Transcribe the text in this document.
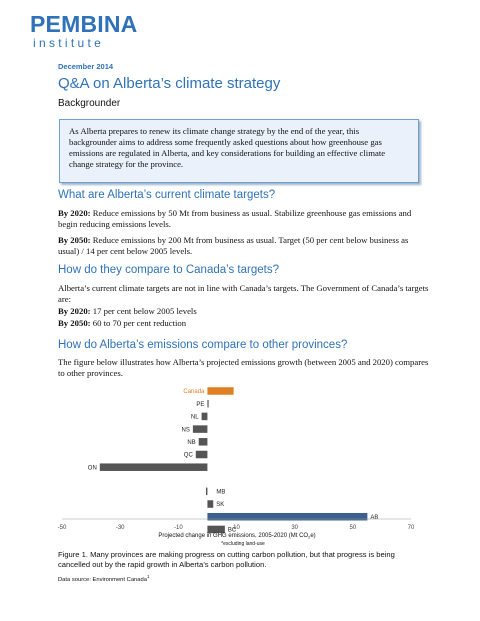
PEMBINA
institute
December 2014
Q&A on Alberta’s climate strategy
Backgrounder
As Alberta prepares to renew its climate change strategy by the end of the year, this backgrounder aims to address some frequently asked questions about how greenhouse gas emissions are regulated in Alberta, and key considerations for building an effective climate change strategy for the province.
What are Alberta’s current climate targets?
By 2020: Reduce emissions by 50 Mt from business as usual. Stabilize greenhouse gas emissions and begin reducing emissions levels.
By 2050: Reduce emissions by 200 Mt from business as usual. Target (50 per cent below business as usual) / 14 per cent below 2005 levels.
How do they compare to Canada’s targets?
Alberta’s current climate targets are not in line with Canada’s targets. The Government of Canada’s targets are:
By 2020: 17 per cent below 2005 levels
By 2050: 60 to 70 per cent reduction
How do Alberta’s emissions compare to other provinces?
The figure below illustrates how Alberta’s projected emissions growth (between 2005 and 2020) compares to other provinces.
Canada
PE
NL
NS
NB
QC
ON
MB
SK
AB
BC
-50	-30	-10	10	30	50	70
Projected change in GHG emissions, 2005-2020 (Mt $CO_2e$)
*excluding land-use
Figure 1. Many provinces are making progress on cutting carbon pollution, but that progress is being cancelled out by the rapid growth in Alberta’s carbon pollution.
Data source: Environment Canada$^1$
